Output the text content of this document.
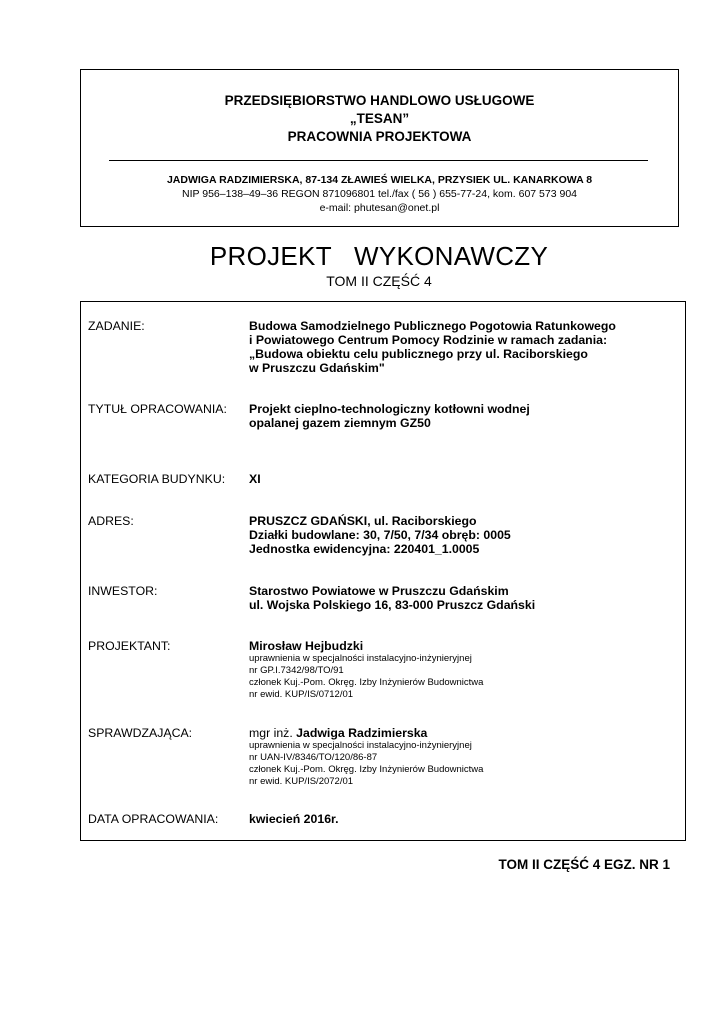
PRZEDSIĘBIORSTWO HANDLOWO USŁUGOWE
„TESAN”
PRACOWNIA PROJEKTOWA
JADWIGA RADZIMIERSKA, 87-134 ZŁAWIEŚ WIELKA, PRZYSIEK UL. KANARKOWA 8
NIP 956–138–49–36 REGON 871096801 tel./fax ( 56 ) 655-77-24, kom. 607 573 904
e-mail: phutesan@onet.pl
PROJEKT   WYKONAWCZY
TOM II CZĘŚĆ 4
ZADANIE:	Budowa Samodzielnego Publicznego Pogotowia Ratunkowego
i Powiatowego Centrum Pomocy Rodzinie w ramach zadania:
„Budowa obiektu celu publicznego przy ul. Raciborskiego
w Pruszczu Gdańskim"
TYTUŁ OPRACOWANIA: Projekt cieplno-technologiczny kotłowni wodnej
opalanej gazem ziemnym GZ50
KATEGORIA BUDYNKU: XI
ADRES:	PRUSZCZ GDAŃSKI, ul. Raciborskiego
Działki budowlane: 30, 7/50, 7/34 obręb: 0005
Jednostka ewidencyjna: 220401_1.0005
INWESTOR:	Starostwo Powiatowe w Pruszczu Gdańskim
ul. Wojska Polskiego 16, 83-000 Pruszcz Gdański
PROJEKTANT:	Mirosław Hejbudzki
uprawnienia w specjalności instalacyjno-inżynieryjnej
nr GP.I.7342/98/TO/91
członek Kuj.-Pom. Okręg. Izby Inżynierów Budownictwa
nr ewid. KUP/IS/0712/01
SPRAWDZAJĄCA:	mgr inż. Jadwiga Radzimierska
uprawnienia w specjalności instalacyjno-inżynieryjnej
nr UAN-IV/8346/TO/120/86-87
członek Kuj.-Pom. Okręg. Izby Inżynierów Budownictwa
nr ewid. KUP/IS/2072/01
DATA OPRACOWANIA: kwiecień 2016r.
TOM II CZĘŚĆ 4 EGZ. NR 1
